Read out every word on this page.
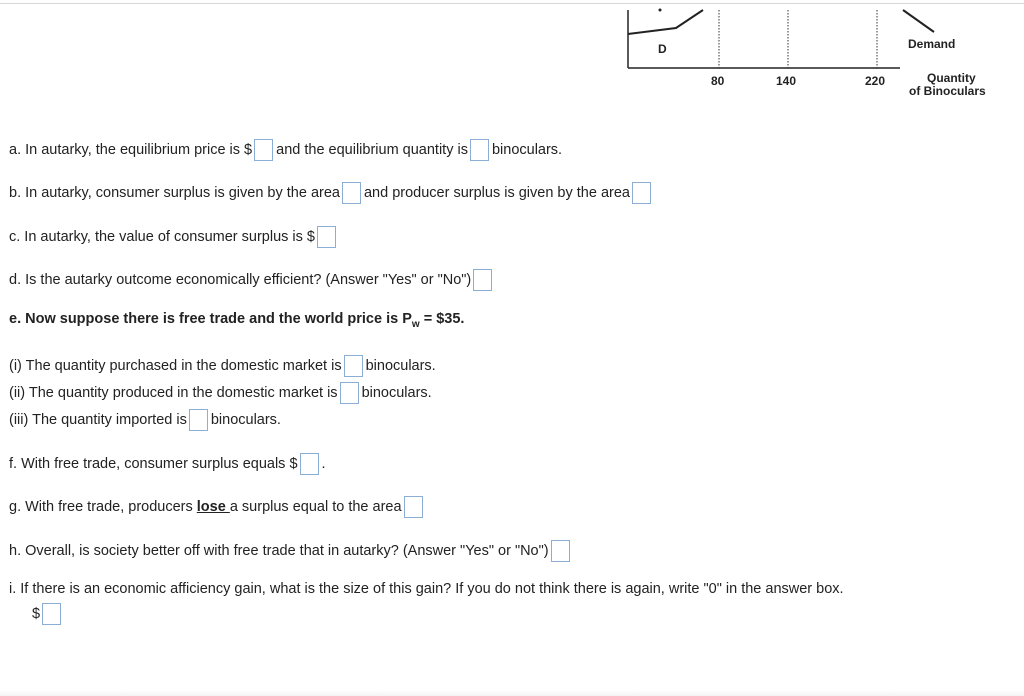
D	Demand
80	140	220	Quantity
of Binoculars
a. In autarky, the equilibrium price is $ and the equilibrium quantity is binoculars.
b. In autarky, consumer surplus is given by the area and producer surplus is given by the area
c. In autarky, the value of consumer surplus is $
d. Is the autarky outcome economically efficient? (Answer "Yes" or "No")
e. Now suppose there is free trade and the world price is $P_w$ = $35.
(i) The quantity purchased in the domestic market is binoculars.
(ii) The quantity produced in the domestic market is binoculars.
(iii) The quantity imported is binoculars.
f. With free trade, consumer surplus equals $ .
g. With free trade, producers lose a surplus equal to the area
h. Overall, is society better off with free trade that in autarky? (Answer "Yes" or "No")
i. If there is an economic afficiency gain, what is the size of this gain? If you do not think there is again, write "0" in the answer box.
$
